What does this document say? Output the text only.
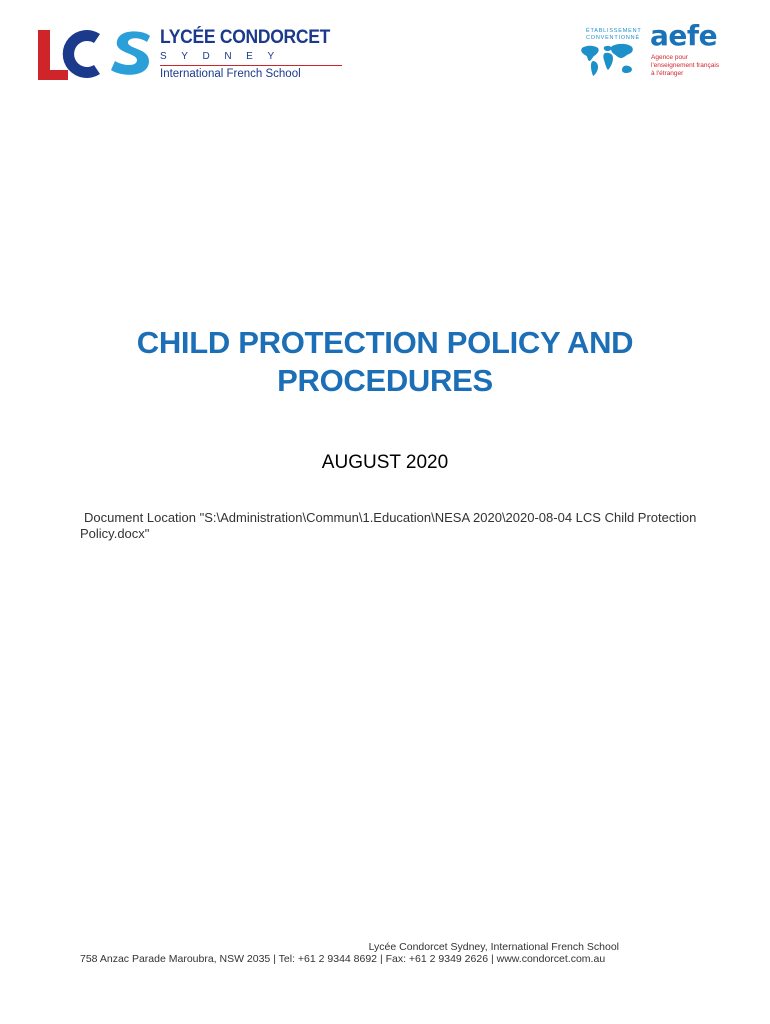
LYCÉE CONDORCET
SYDNEY
International French School
ÉTABLISSEMENT
CONVENTIONNÉ aefe
Agence pour
l'enseignement français
à l'étranger
CHILD PROTECTION POLICY AND
PROCEDURES
AUGUST 2020
Document Location "S:\Administration\Commun\1.Education\NESA 2020\2020-08-04 LCS Child Protection Policy.docx"
Lycée Condorcet Sydney, International French School
758 Anzac Parade Maroubra, NSW 2035 | Tel: +61 2 9344 8692 | Fax: +61 2 9349 2626 | www.condorcet.com.au
